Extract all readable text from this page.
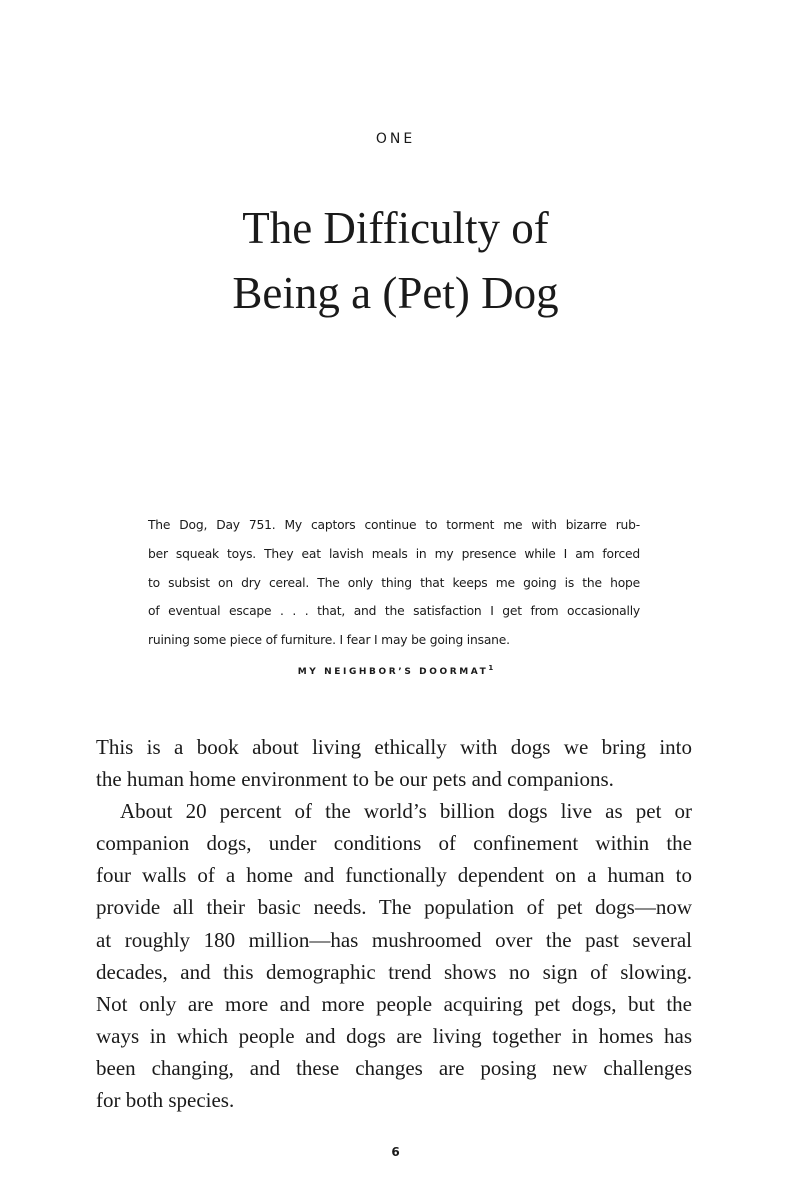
ONE
The Difficulty of
Being a (Pet) Dog
The Dog, Day 751. My captors continue to torment me with bizarre rub-
ber squeak toys. They eat lavish meals in my presence while I am forced
to subsist on dry cereal. The only thing that keeps me going is the hope
of eventual escape . . . that, and the satisfaction I get from occasionally
ruining some piece of furniture. I fear I may be going insane.
MY NEIGHBOR’S DOORMAT$^1$
This is a book about living ethically with dogs we bring into
the human home environment to be our pets and companions.
About 20 percent of the world’s billion dogs live as pet or
companion dogs, under conditions of confinement within the
four walls of a home and functionally dependent on a human to
provide all their basic needs. The population of pet dogs—now
at roughly 180 million—has mushroomed over the past several
decades, and this demographic trend shows no sign of slowing.
Not only are more and more people acquiring pet dogs, but the
ways in which people and dogs are living together in homes has
been changing, and these changes are posing new challenges
for both species.
6
